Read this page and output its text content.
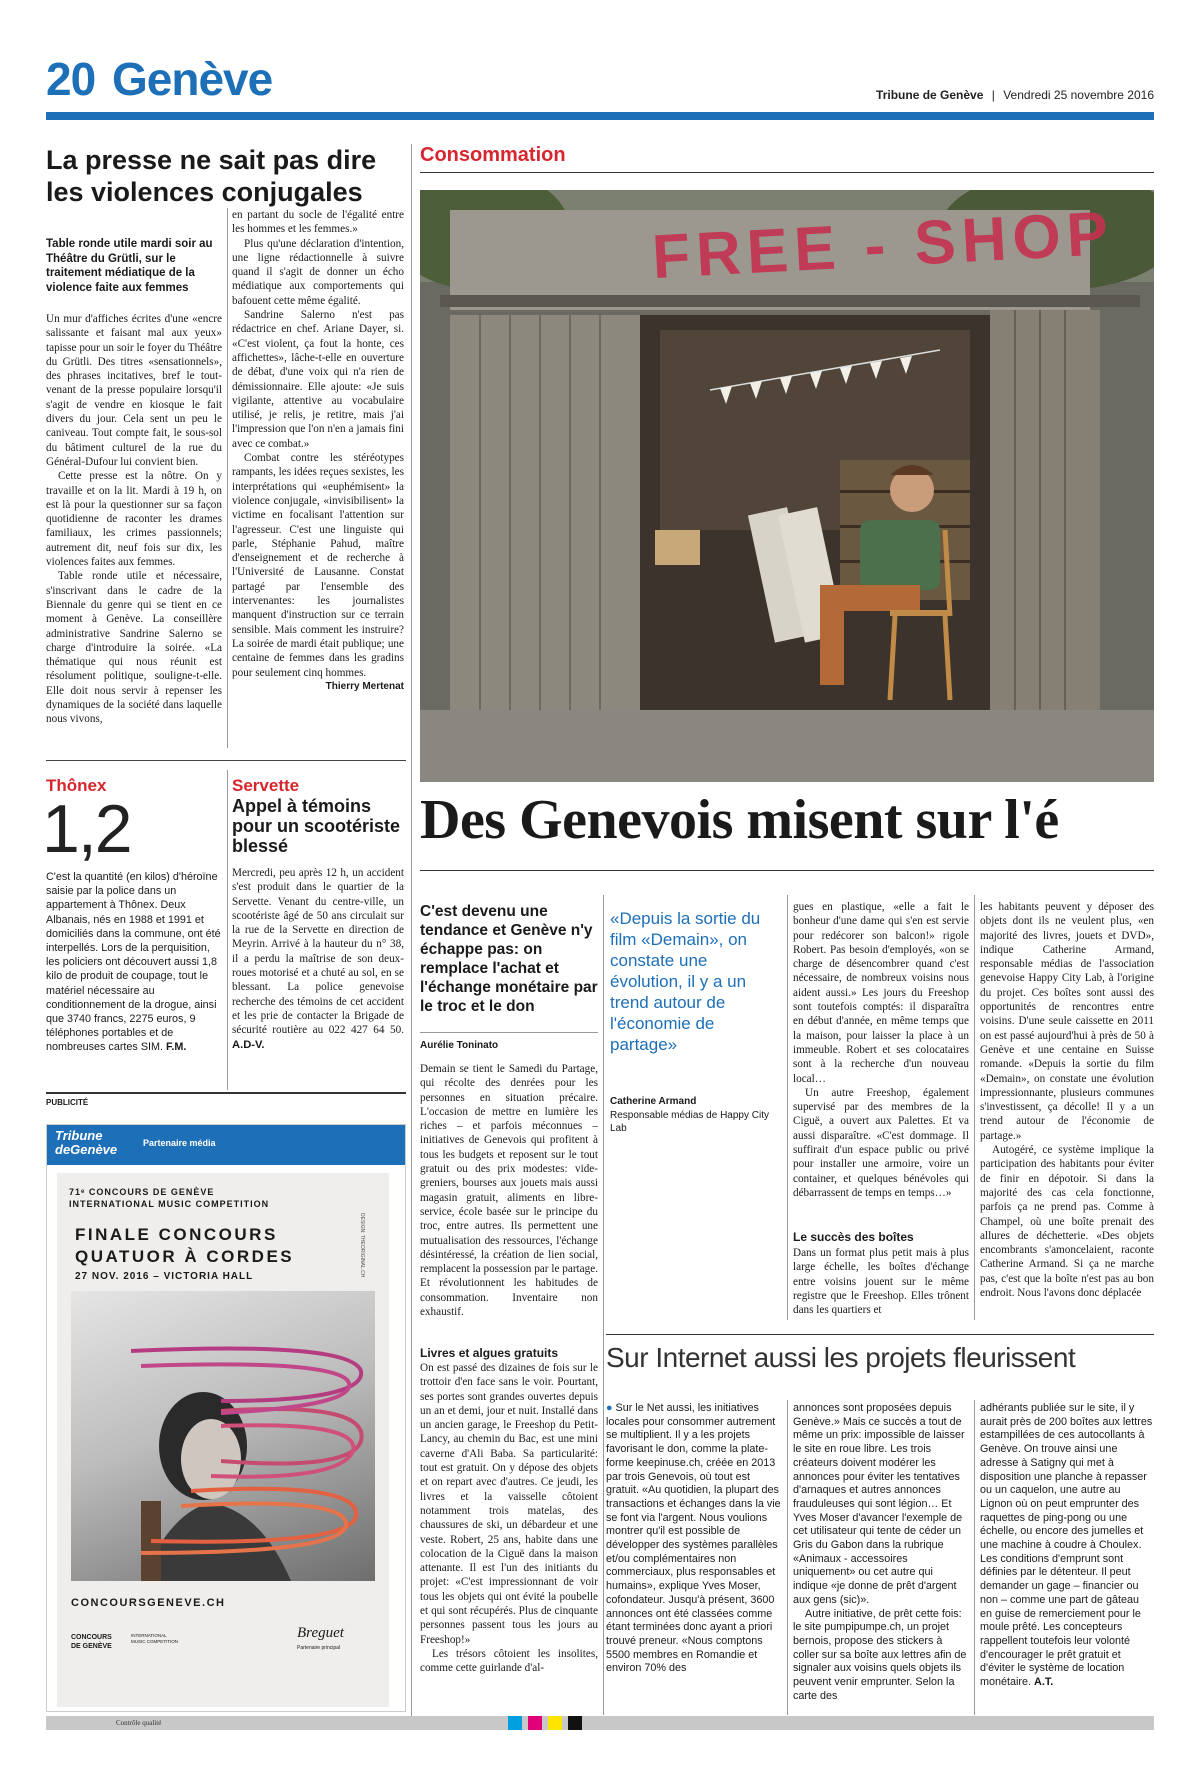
20 Genève	Tribune de Genève | Vendredi 25 novembre 2016
La presse ne sait pas dire les violences conjugales
Table ronde utile mardi soir au Théâtre du Grütli, sur le traitement médiatique de la violence faite aux femmes

Un mur d'affiches écrites d'une «encre salissante et faisant mal aux yeux» tapisse pour un soir le foyer du Théâtre du Grütli. Des titres «sensationnels», des phrases incitatives, bref le tout-venant de la presse populaire lorsqu'il s'agit de vendre en kiosque le fait divers du jour. Cela sent un peu le caniveau. Tout compte fait, le sous-sol du bâtiment culturel de la rue du Général-Dufour lui convient bien.

Cette presse est la nôtre. On y travaille et on la lit. Mardi à 19 h, on est là pour la questionner sur sa façon quotidienne de raconter les drames familiaux, les crimes passionnels; autrement dit, neuf fois sur dix, les violences faites aux femmes.

Table ronde utile et nécessaire, s'inscrivant dans le cadre de la Biennale du genre qui se tient en ce moment à Genève. La conseillère administrative Sandrine Salerno se charge d'introduire la soirée. «La thématique qui nous réunit est résolument politique, souligne-t-elle. Elle doit nous servir à repenser les dynamiques de la société dans laquelle nous vivons,

en partant du socle de l'égalité entre les hommes et les femmes.»

Plus qu'une déclaration d'intention, une ligne rédactionnelle à suivre quand il s'agit de donner un écho médiatique aux comportements qui bafouent cette même égalité.

Sandrine Salerno n'est pas rédactrice en chef. Ariane Dayer, si. «C'est violent, ça fout la honte, ces affichettes», lâche-t-elle en ouverture de débat, d'une voix qui n'a rien de démissionnaire. Elle ajoute: «Je suis vigilante, attentive au vocabulaire utilisé, je relis, je retitre, mais j'ai l'impression que l'on n'en a jamais fini avec ce combat.»

Combat contre les stéréotypes rampants, les idées reçues sexistes, les interprétations qui «euphémisent» la violence conjugale, «invisibilisent» la victime en focalisant l'attention sur l'agresseur. C'est une linguiste qui parle, Stéphanie Pahud, maître d'enseignement et de recherche à l'Université de Lausanne. Constat partagé par l'ensemble des intervenantes: les journalistes manquent d'instruction sur ce terrain sensible. Mais comment les instruire? La soirée de mardi était publique; une centaine de femmes dans les gradins pour seulement cinq hommes.

Thierry Mertenat

Thônex
1,2
C'est la quantité (en kilos) d'héroïne saisie par la police dans un appartement à Thônex. Deux Albanais, nés en 1988 et 1991 et domiciliés dans la commune, ont été interpellés. Lors de la perquisition, les policiers ont découvert aussi 1,8 kilo de produit de coupage, tout le matériel nécessaire au conditionnement de la drogue, ainsi que 3740 francs, 2275 euros, 9 téléphones portables et de nombreuses cartes SIM. F.M.
Servette
Appel à témoins pour un scootériste blessé
Mercredi, peu après 12 h, un accident s'est produit dans le quartier de la Servette. Venant du centre-ville, un scootériste âgé de 50 ans circulait sur la rue de la Servette en direction de Meyrin. Arrivé à la hauteur du n° 38, il a perdu la maîtrise de son deux-roues motorisé et a chuté au sol, en se blessant. La police genevoise recherche des témoins de cet accident et les prie de contacter la Brigade de sécurité routière au 022 427 64 50. A.D-V.
PUBLICITÉ
Tribune
deGenève	Partenaire média
71ᵉ CONCOURS DE GENÈVE
INTERNATIONAL MUSIC COMPETITION
FINALE CONCOURS
QUATUOR À CORDES
27 NOV. 2016 – VICTORIA HALL	DESIGN: THEORIGINAL.CH
CONCOURSGENEVE.CH
CONCOURS
DE GENÈVE
INTERNATIONAL MUSIC COMPETITION
Breguet
Partenaire principal
Consommation
FREE - SHOP
Des Genevois misent sur l'é
C'est devenu une tendance et Genève n'y échappe pas: on remplace l'achat et l'échange monétaire par le troc et le don
Aurélie Toninato

Demain se tient le Samedi du Partage, qui récolte des denrées pour les personnes en situation précaire. L'occasion de mettre en lumière les riches – et parfois méconnues – initiatives de Genevois qui profitent à tous les budgets et reposent sur le tout gratuit ou des prix modestes: vide-greniers, bourses aux jouets mais aussi magasin gratuit, aliments en libre-service, école basée sur le principe du troc, entre autres. Ils permettent une mutualisation des ressources, l'échange désintéressé, la création de lien social, remplacent la possession par le partage. Et révolutionnent les habitudes de consommation. Inventaire non exhaustif.

Livres et algues gratuits

On est passé des dizaines de fois sur le trottoir d'en face sans le voir. Pourtant, ses portes sont grandes ouvertes depuis un an et demi, jour et nuit. Installé dans un ancien garage, le Freeshop du Petit-Lancy, au chemin du Bac, est une mini caverne d'Ali Baba. Sa particularité: tout est gratuit. On y dépose des objets et on repart avec d'autres. Ce jeudi, les livres et la vaisselle côtoient notamment trois matelas, des chaussures de ski, un débardeur et une veste. Robert, 25 ans, habite dans une colocation de la Ciguë dans la maison attenante. Il est l'un des initiants du projet: «C'est impressionnant de voir tous les objets qui ont évité la poubelle et qui sont récupérés. Plus de cinquante personnes passent tous les jours au Freeshop!»

Les trésors côtoient les insolites, comme cette guirlande d'al-

«Depuis la sortie du film «Demain», on constate une évolution, il y a un trend autour de l'économie de partage»
Catherine Armand
Responsable médias de Happy City Lab

gues en plastique, «elle a fait le bonheur d'une dame qui s'en est servie pour redécorer son balcon!» rigole Robert. Pas besoin d'employés, «on se charge de désencombrer quand c'est nécessaire, de nombreux voisins nous aident aussi.» Les jours du Freeshop sont toutefois comptés: il disparaîtra en début d'année, en même temps que la maison, pour laisser la place à un immeuble. Robert et ses colocataires sont à la recherche d'un nouveau local…

Un autre Freeshop, également supervisé par des membres de la Ciguë, a ouvert aux Palettes. Et va aussi disparaître. «C'est dommage. Il suffirait d'un espace public ou privé pour installer une armoire, voire un container, et quelques bénévoles qui débarrassent de temps en temps…»

Le succès des boîtes

Dans un format plus petit mais à plus large échelle, les boîtes d'échange entre voisins jouent sur le même registre que le Freeshop. Elles trônent dans les quartiers et

les habitants peuvent y déposer des objets dont ils ne veulent plus, «en majorité des livres, jouets et DVD», indique Catherine Armand, responsable médias de l'association genevoise Happy City Lab, à l'origine du projet. Ces boîtes sont aussi des opportunités de rencontres entre voisins. D'une seule caissette en 2011 on est passé aujourd'hui à près de 50 à Genève et une centaine en Suisse romande. «Depuis la sortie du film «Demain», on constate une évolution impressionnante, plusieurs communes s'investissent, ça décolle! Il y a un trend autour de l'économie de partage.»

Autogéré, ce système implique la participation des habitants pour éviter de finir en dépotoir. Si dans la majorité des cas cela fonctionne, parfois ça ne prend pas. Comme à Champel, où une boîte prenait des allures de déchetterie. «Des objets encombrants s'amoncelaient, raconte Catherine Armand. Si ça ne marche pas, c'est que la boîte n'est pas au bon endroit. Nous l'avons donc déplacée

Sur Internet aussi les projets fleurissent
● Sur le Net aussi, les initiatives locales pour consommer autrement se multiplient. Il y a les projets favorisant le don, comme la plate-forme keepinuse.ch, créée en 2013 par trois Genevois, où tout est gratuit. «Au quotidien, la plupart des transactions et échanges dans la vie se font via l'argent. Nous voulions montrer qu'il est possible de développer des systèmes parallèles et/ou complémentaires non commerciaux, plus responsables et humains», explique Yves Moser, cofondateur. Jusqu'à présent, 3600 annonces ont été classées comme étant terminées donc ayant a priori trouvé preneur. «Nous comptons 5500 membres en Romandie et environ 70% des

annonces sont proposées depuis Genève.» Mais ce succès a tout de même un prix: impossible de laisser le site en roue libre. Les trois créateurs doivent modérer les annonces pour éviter les tentatives d'arnaques et autres annonces frauduleuses qui sont légion… Et Yves Moser d'avancer l'exemple de cet utilisateur qui tente de céder un Gris du Gabon dans la rubrique «Animaux - accessoires uniquement» ou cet autre qui indique «je donne de prêt d'argent aux gens (sic)».

Autre initiative, de prêt cette fois: le site pumpipumpe.ch, un projet bernois, propose des stickers à coller sur sa boîte aux lettres afin de signaler aux voisins quels objets ils peuvent venir emprunter. Selon la carte des

adhérants publiée sur le site, il y aurait près de 200 boîtes aux lettres estampillées de ces autocollants à Genève. On trouve ainsi une adresse à Satigny qui met à disposition une planche à repasser ou un caquelon, une autre au Lignon où on peut emprunter des raquettes de ping-pong ou une échelle, ou encore des jumelles et une machine à coudre à Choulex. Les conditions d'emprunt sont définies par le détenteur. Il peut demander un gage – financier ou non – comme une part de gâteau en guise de remerciement pour le moule prêté. Les concepteurs rappellent toutefois leur volonté d'encourager le prêt gratuit et d'éviter le système de location monétaire. A.T.
Contrôle qualité
